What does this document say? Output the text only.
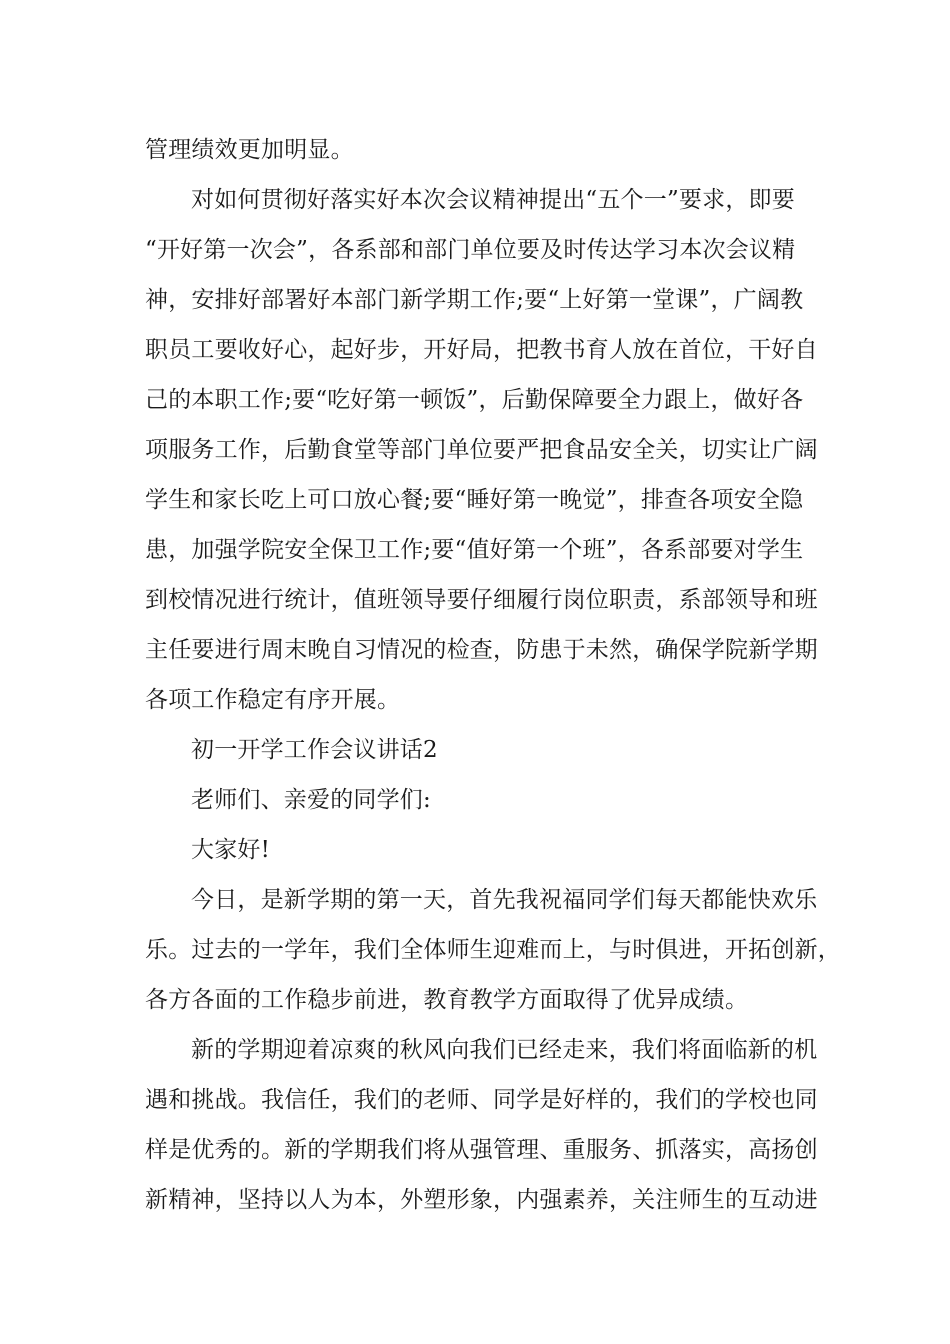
管理绩效更加明显。

对如何贯彻好落实好本次会议精神提出“五个一”要求，即要

“开好第一次会”，各系部和部门单位要及时传达学习本次会议精

神，安排好部署好本部门新学期工作;要“上好第一堂课”，广阔教

职员工要收好心，起好步，开好局，把教书育人放在首位，干好自

己的本职工作;要“吃好第一顿饭”，后勤保障要全力跟上，做好各

项服务工作，后勤食堂等部门单位要严把食品安全关，切实让广阔

学生和家长吃上可口放心餐;要“睡好第一晚觉”，排查各项安全隐

患，加强学院安全保卫工作;要“值好第一个班”，各系部要对学生

到校情况进行统计，值班领导要仔细履行岗位职责，系部领导和班

主任要进行周末晚自习情况的检查，防患于未然，确保学院新学期

各项工作稳定有序开展。

初一开学工作会议讲话2

老师们、亲爱的同学们:

大家好!

今日，是新学期的第一天，首先我祝福同学们每天都能快欢乐

乐。过去的一学年，我们全体师生迎难而上，与时俱进，开拓创新，

各方各面的工作稳步前进，教育教学方面取得了优异成绩。

新的学期迎着凉爽的秋风向我们已经走来，我们将面临新的机

遇和挑战。我信任，我们的老师、同学是好样的，我们的学校也同

样是优秀的。新的学期我们将从强管理、重服务、抓落实，高扬创

新精神，坚持以人为本，外塑形象，内强素养，关注师生的互动进
